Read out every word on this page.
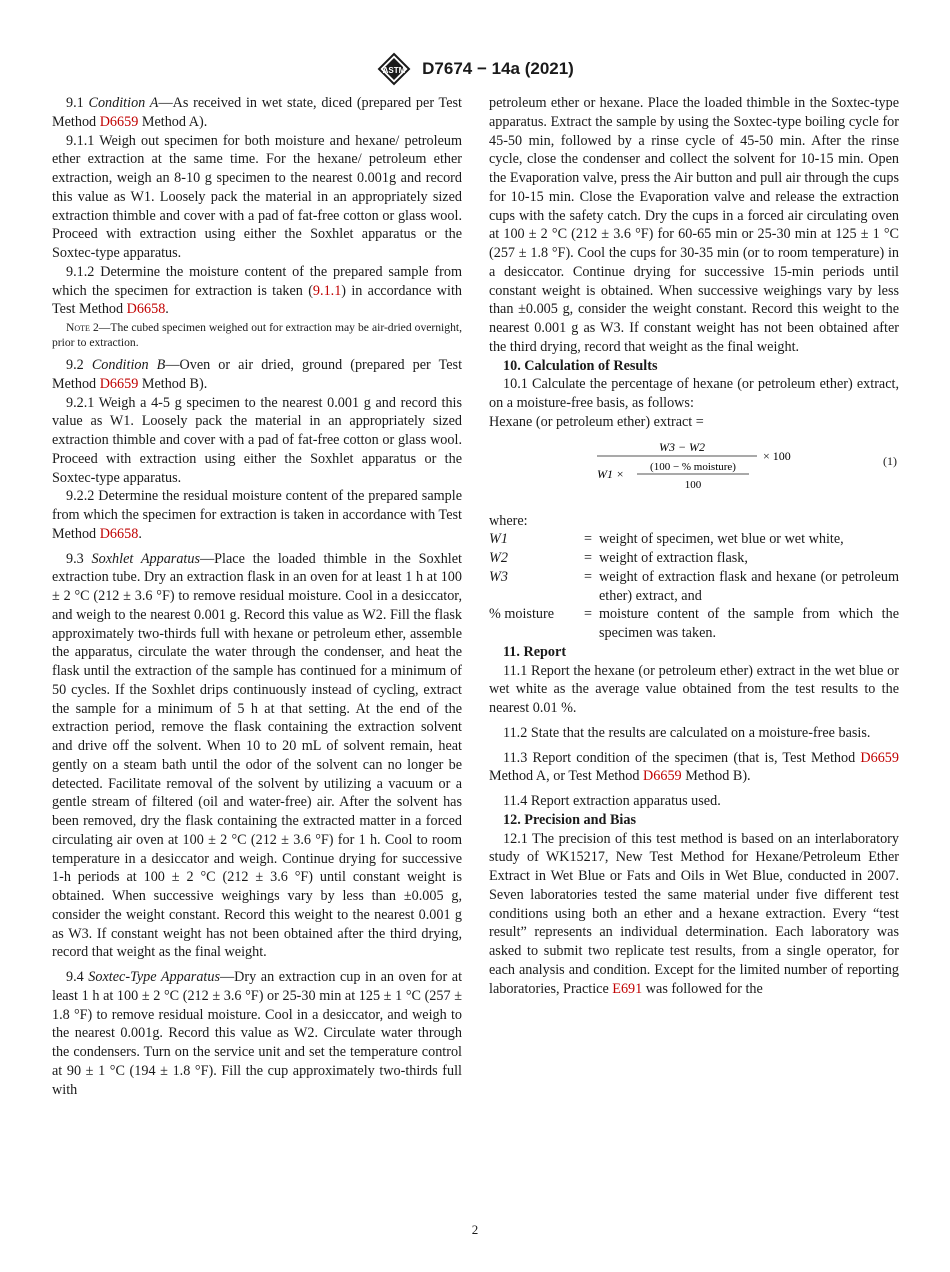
ASTM D7674 − 14a (2021)

9.1 Condition A—As received in wet state, diced (prepared per Test Method D6659 Method A).

9.1.1 Weigh out specimen for both moisture and hexane/ petroleum ether extraction at the same time. For the hexane/ petroleum ether extraction, weigh an 8-10 g specimen to the nearest 0.001g and record this value as W1. Loosely pack the material in an appropriately sized extraction thimble and cover with a pad of fat-free cotton or glass wool. Proceed with extraction using either the Soxhlet apparatus or the Soxtec-type apparatus.

9.1.2 Determine the moisture content of the prepared sample from which the specimen for extraction is taken (9.1.1) in accordance with Test Method D6658.

Note 2—The cubed specimen weighed out for extraction may be air-dried overnight, prior to extraction.

9.2 Condition B—Oven or air dried, ground (prepared per Test Method D6659 Method B).

9.2.1 Weigh a 4-5 g specimen to the nearest 0.001 g and record this value as W1. Loosely pack the material in an appropriately sized extraction thimble and cover with a pad of fat-free cotton or glass wool. Proceed with extraction using either the Soxhlet apparatus or the Soxtec-type apparatus.

9.2.2 Determine the residual moisture content of the prepared sample from which the specimen for extraction is taken in accordance with Test Method D6658.

9.3 Soxhlet Apparatus—Place the loaded thimble in the Soxhlet extraction tube. Dry an extraction flask in an oven for at least 1 h at 100 ± 2 °C (212 ± 3.6 °F) to remove residual moisture. Cool in a desiccator, and weigh to the nearest 0.001 g. Record this value as W2. Fill the flask approximately two-thirds full with hexane or petroleum ether, assemble the apparatus, circulate the water through the condenser, and heat the flask until the extraction of the sample has continued for a minimum of 50 cycles. If the Soxhlet drips continuously instead of cycling, extract the sample for a minimum of 5 h at that setting. At the end of the extraction period, remove the flask containing the extraction solvent and drive off the solvent. When 10 to 20 mL of solvent remain, heat gently on a steam bath until the odor of the solvent can no longer be detected. Facilitate removal of the solvent by utilizing a vacuum or a gentle stream of filtered (oil and water-free) air. After the solvent has been removed, dry the flask containing the extracted matter in a forced circulating air oven at 100 ± 2 °C (212 ± 3.6 °F) for 1 h. Cool to room temperature in a desiccator and weigh. Continue drying for successive 1-h periods at 100 ± 2 °C (212 ± 3.6 °F) until constant weight is obtained. When successive weighings vary by less than ±0.005 g, consider the weight constant. Record this weight to the nearest 0.001 g as W3. If constant weight has not been obtained after the third drying, record that weight as the final weight.

9.4 Soxtec-Type Apparatus—Dry an extraction cup in an oven for at least 1 h at 100 ± 2 °C (212 ± 3.6 °F) or 25-30 min at 125 ± 1 °C (257 ± 1.8 °F) to remove residual moisture. Cool in a desiccator, and weigh to the nearest 0.001g. Record this value as W2. Circulate water through the condensers. Turn on the service unit and set the temperature control at 90 ± 1 °C (194 ± 1.8 °F). Fill the cup approximately two-thirds full with

petroleum ether or hexane. Place the loaded thimble in the Soxtec-type apparatus. Extract the sample by using the Soxtec-type boiling cycle for 45-50 min, followed by a rinse cycle of 45-50 min. After the rinse cycle, close the condenser and collect the solvent for 10-15 min. Open the Evaporation valve, press the Air button and pull air through the cups for 10-15 min. Close the Evaporation valve and release the extraction cups with the safety catch. Dry the cups in a forced air circulating oven at 100 ± 2 °C (212 ± 3.6 °F) for 60-65 min or 25-30 min at 125 ± 1 °C (257 ± 1.8 °F). Cool the cups for 30-35 min (or to room temperature) in a desiccator. Continue drying for successive 15-min periods until constant weight is obtained. When successive weighings vary by less than ±0.005 g, consider the weight constant. Record this weight to the nearest 0.001 g as W3. If constant weight has not been obtained after the third drying, record that weight as the final weight.

10. Calculation of Results

10.1 Calculate the percentage of hexane (or petroleum ether) extract, on a moisture-free basis, as follows:

Hexane (or petroleum ether) extract =

W3 − W2
W1 × (100 − % moisture)
100
× 100	(1)

where:

W1	=	weight of specimen, wet blue or wet white,
W2	=	weight of extraction flask,
W3	=	weight of extraction flask and hexane (or petroleum ether) extract, and
% moisture	=	moisture content of the sample from which the specimen was taken.

11. Report

11.1 Report the hexane (or petroleum ether) extract in the wet blue or wet white as the average value obtained from the test results to the nearest 0.01 %.

11.2 State that the results are calculated on a moisture-free basis.

11.3 Report condition of the specimen (that is, Test Method D6659 Method A, or Test Method D6659 Method B).

11.4 Report extraction apparatus used.

12. Precision and Bias

12.1 The precision of this test method is based on an interlaboratory study of WK15217, New Test Method for Hexane/Petroleum Ether Extract in Wet Blue or Fats and Oils in Wet Blue, conducted in 2007. Seven laboratories tested the same material under five different test conditions using both an ether and a hexane extraction. Every “test result” represents an individual determination. Each laboratory was asked to submit two replicate test results, from a single operator, for each analysis and condition. Except for the limited number of reporting laboratories, Practice E691 was followed for the

2
